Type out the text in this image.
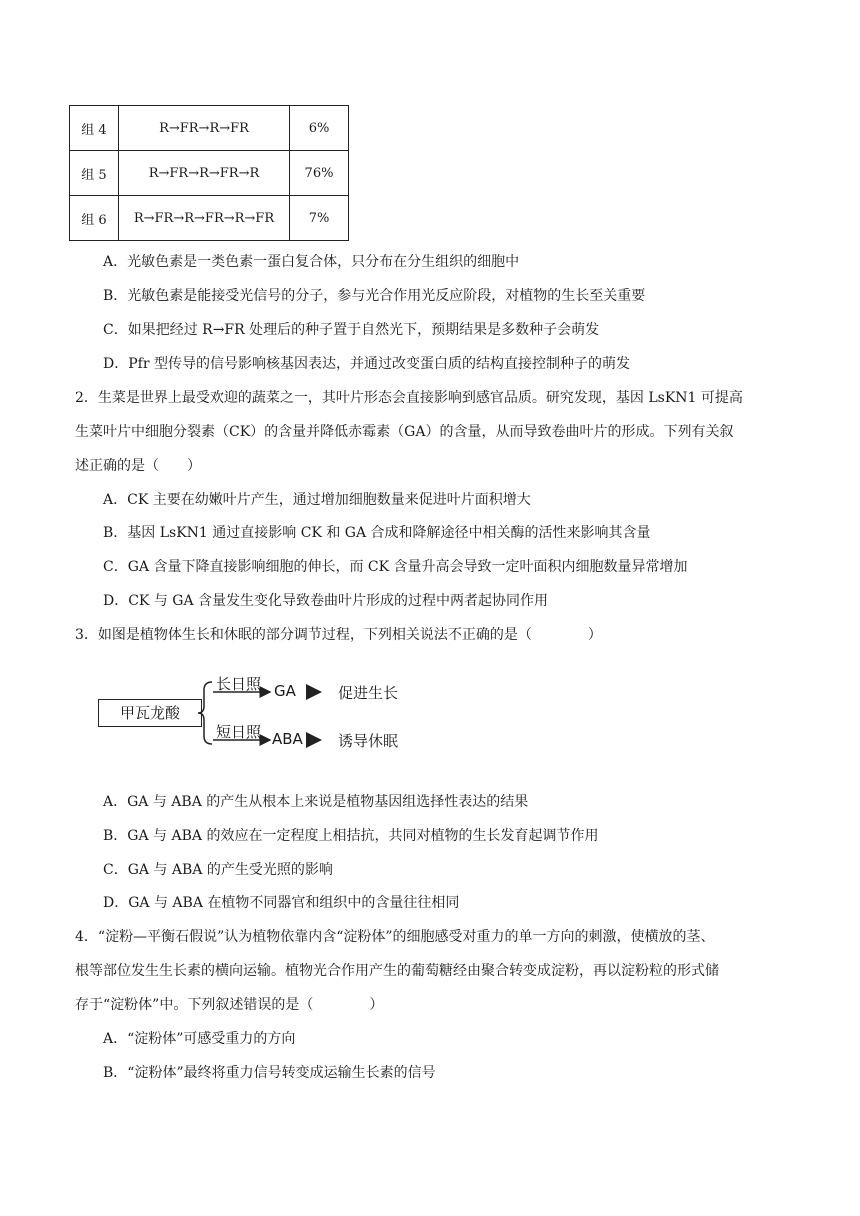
组 4	R→FR→R→FR	6%
组 5	R→FR→R→FR→R	76%
组 6	R→FR→R→FR→R→FR	7%
A．光敏色素是一类色素一蛋白复合体，只分布在分生组织的细胞中
B．光敏色素是能接受光信号的分子，参与光合作用光反应阶段，对植物的生长至关重要
C．如果把经过 R→FR 处理后的种子置于自然光下，预期结果是多数种子会萌发
D．Pfr 型传导的信号影响核基因表达，并通过改变蛋白质的结构直接控制种子的萌发
2．生菜是世界上最受欢迎的蔬菜之一，其叶片形态会直接影响到感官品质。研究发现，基因 LsKN1 可提高
生菜叶片中细胞分裂素（CK）的含量并降低赤霉素（GA）的含量，从而导致卷曲叶片的形成。下列有关叙
述正确的是（　　）
A．CK 主要在幼嫩叶片产生，通过增加细胞数量来促进叶片面积增大
B．基因 LsKN1 通过直接影响 CK 和 GA 合成和降解途径中相关酶的活性来影响其含量
C．GA 含量下降直接影响细胞的伸长，而 CK 含量升高会导致一定叶面积内细胞数量异常增加
D．CK 与 GA 含量发生变化导致卷曲叶片形成的过程中两者起协同作用
3．如图是植物体生长和休眠的部分调节过程，下列相关说法不正确的是（　　　　）
甲瓦龙酸
长日照 GA	促进生长
短日照 ABA 诱导休眠
A．GA 与 ABA 的产生从根本上来说是植物基因组选择性表达的结果
B．GA 与 ABA 的效应在一定程度上相拮抗，共同对植物的生长发育起调节作用
C．GA 与 ABA 的产生受光照的影响
D．GA 与 ABA 在植物不同器官和组织中的含量往往相同
4．“淀粉—平衡石假说”认为植物依靠内含“淀粉体”的细胞感受对重力的单一方向的刺激，使横放的茎、
根等部位发生生长素的横向运输。植物光合作用产生的葡萄糖经由聚合转变成淀粉，再以淀粉粒的形式储
存于“淀粉体”中。下列叙述错误的是（　　　　）
A．“淀粉体”可感受重力的方向
B．“淀粉体”最终将重力信号转变成运输生长素的信号
